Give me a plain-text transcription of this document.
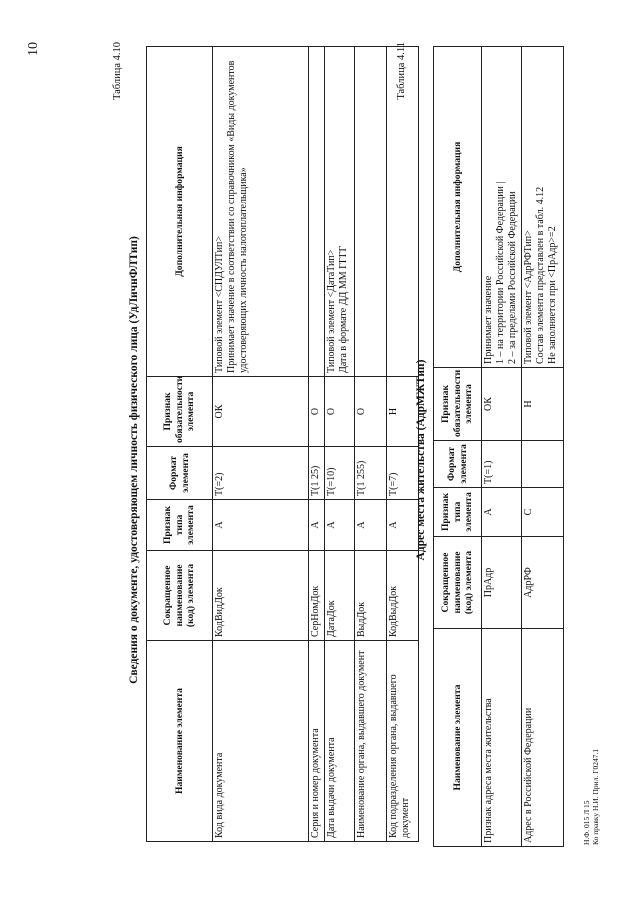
10	Таблица 4.10
Сведения о документе, удостоверяющем личность физического лица (УдЛичнФЛТип)
Наименование элемента	Сокращенное наименование (код) элемента	Признак типа элемента	Формат элемента	Признак обязательности элемента	Дополнительная информация
Код вида документа	КодВидДок	А	T(=2)	ОК	Типовой элемент <СПДУЛТип>
Принимает значение в соответствии со справочником «Виды документов удостоверяющих личность налогоплательщика»
Серия и номер документа	СерНомДок	А	T(1 25)	О	
Дата выдачи документа	ДатаДок	А	T(=10)	О	Типовой элемент <ДатаТип>
Дата в формате ДД ММ ГГГГ
Наименование органа, выдавшего документ	ВыдДок	А	T(1 255)	О	
Код подразделения органа, выдавшего документ	КодВыдДок	А	T(=7)	Н	
Таблица 4.11
Адрес места жительства (АдрМЖТип)
Наименование элемента	Сокращенное наименование (код) элемента	Признак типа элемента	Формат элемента	Признак обязательности элемента	Дополнительная информация
Признак адреса места жительства	ПрАдр	А	T(=1)	ОК	Принимает значение
1 – на территории Российской Федерации |
2 – за пределами Российской Федерации
Адрес в Российской Федерации	АдрРФ	С		Н	Типовой элемент <АдрРФТип>
Состав элемента представлен в табл. 4.12
Не заполняется при <ПрАдр>=2
Н.Ф. 015 Л 15 Ко правку Н.И. Прил. Г0247.1
